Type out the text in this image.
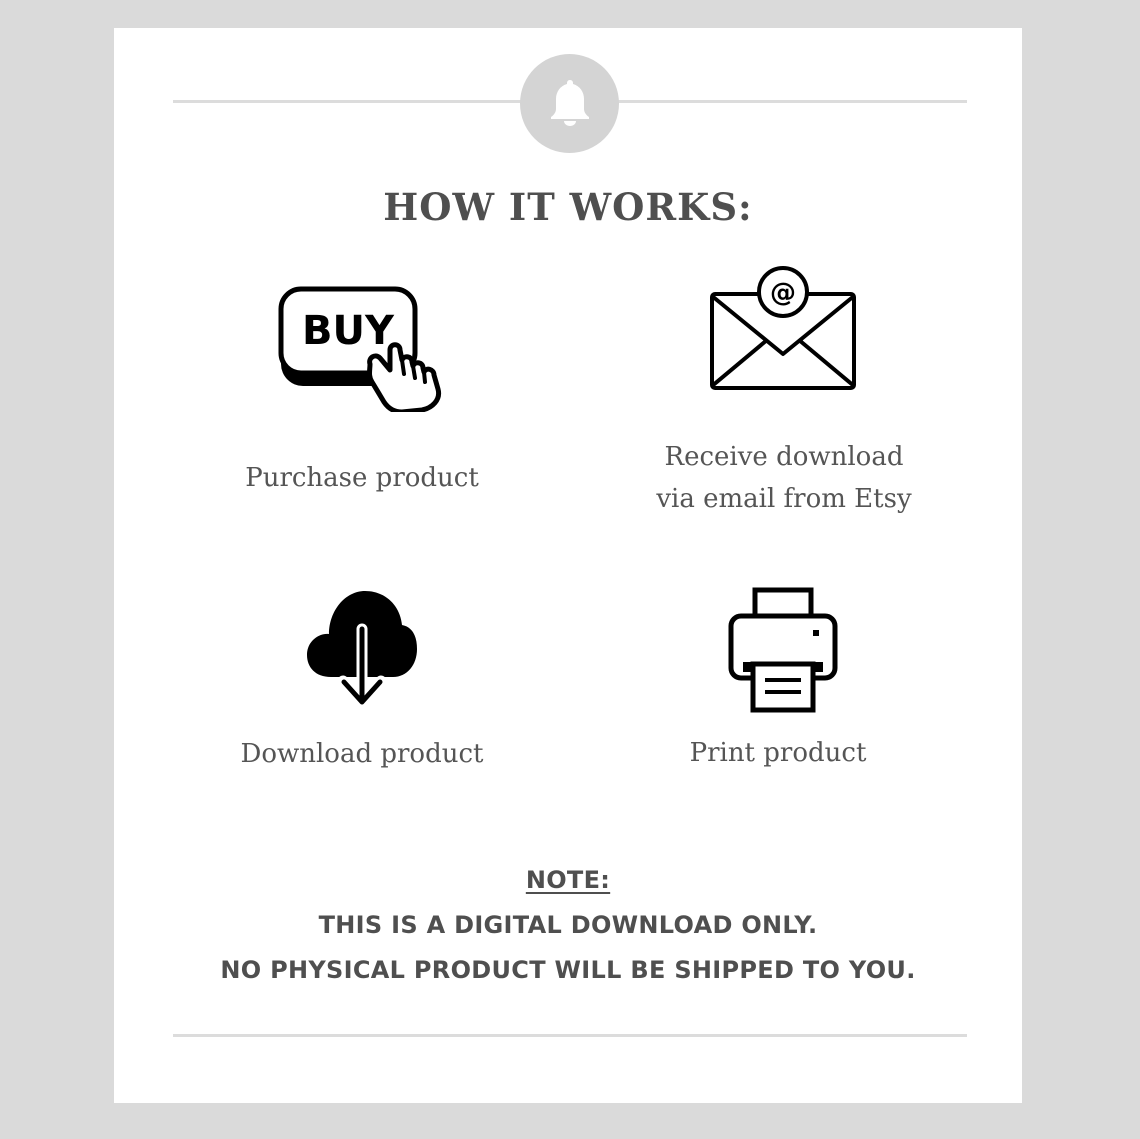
HOW IT WORKS:
BUY
Purchase product
@
Receive download
via email from Etsy
Download product	Print product
NOTE:
THIS IS A DIGITAL DOWNLOAD ONLY.
NO PHYSICAL PRODUCT WILL BE SHIPPED TO YOU.
